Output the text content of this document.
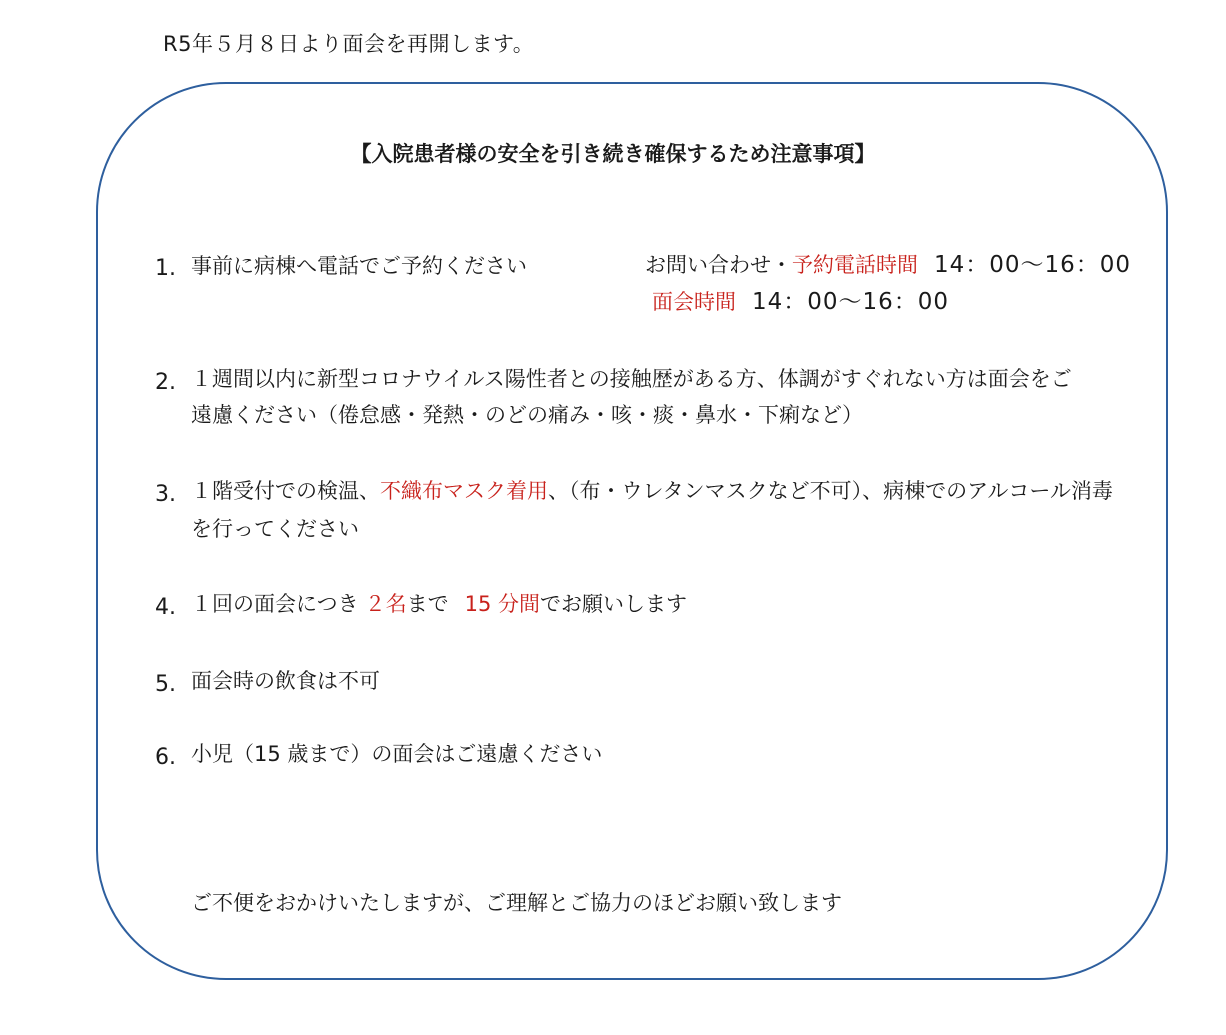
R5年５月８日より面会を再開します。
【入院患者様の安全を引き続き確保するため注意事項】
1. 事前に病棟へ電話でご予約ください	お問い合わせ・予約電話時間 14：00〜16：00
面会時間 14：00〜16：00
2. １週間以内に新型コロナウイルス陽性者との接触歴がある方、体調がすぐれない方は面会をご
遠慮ください（倦怠感・発熱・のどの痛み・咳・痰・鼻水・下痢など）
3. １階受付での検温、不織布マスク着用、（布・ウレタンマスクなど不可）、病棟でのアルコール消毒
を行ってください
4. １回の面会につき ２名まで 15 分間でお願いします
5. 面会時の飲食は不可
6. 小児（15 歳まで）の面会はご遠慮ください
ご不便をおかけいたしますが、ご理解とご協力のほどお願い致します
